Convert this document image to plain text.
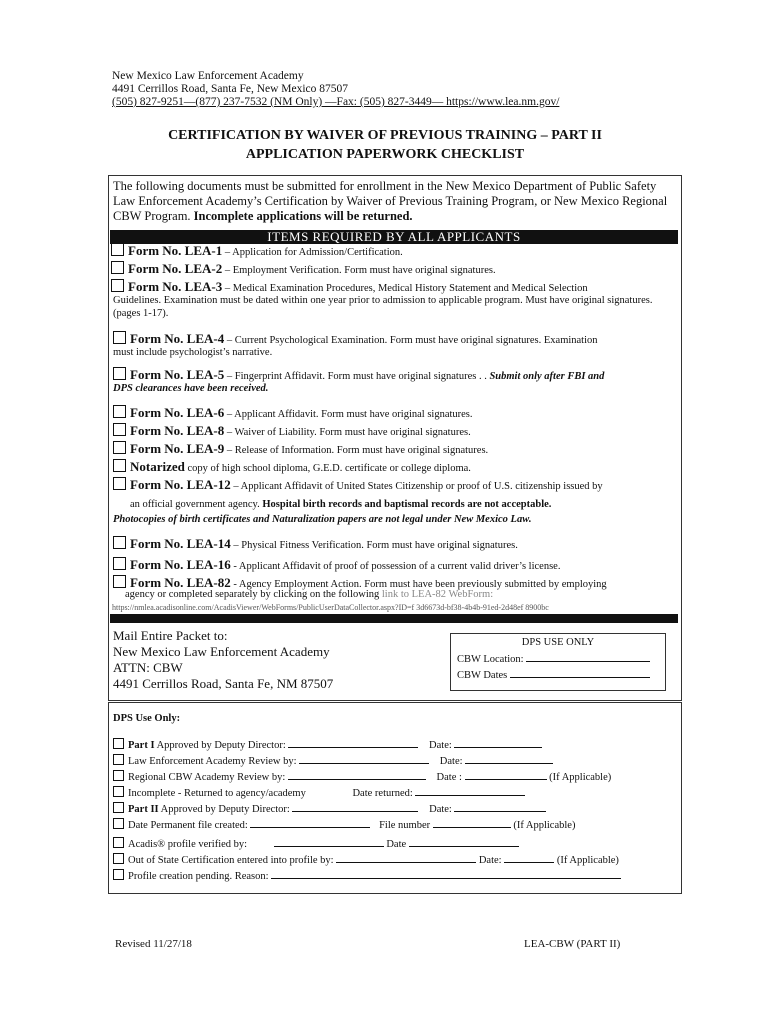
New Mexico Law Enforcement Academy
4491 Cerrillos Road, Santa Fe, New Mexico 87507
(505) 827-9251—(877) 237-7532 (NM Only) —Fax: (505) 827-3449— https://www.lea.nm.gov/
CERTIFICATION BY WAIVER OF PREVIOUS TRAINING – PART II
APPLICATION PAPERWORK CHECKLIST
The following documents must be submitted for enrollment in the New Mexico Department of Public Safety Law Enforcement Academy’s Certification by Waiver of Previous Training Program, or New Mexico Regional CBW Program. Incomplete applications will be returned.
ITEMS REQUIRED BY ALL APPLICANTS
Form No. LEA-1 – Application for Admission/Certification.
Form No. LEA-2 – Employment Verification. Form must have original signatures.
Form No. LEA-3 – Medical Examination Procedures, Medical History Statement and Medical Selection
Guidelines. Examination must be dated within one year prior to admission to applicable program. Must have original signatures. (pages 1-17).
Form No. LEA-4 – Current Psychological Examination. Form must have original signatures. Examination
must include psychologist’s narrative.
Form No. LEA-5 – Fingerprint Affidavit. Form must have original signatures . . Submit only after FBI and
DPS clearances have been received.
Form No. LEA-6 – Applicant Affidavit. Form must have original signatures.
Form No. LEA-8 – Waiver of Liability. Form must have original signatures.
Form No. LEA-9 – Release of Information. Form must have original signatures.
Notarized copy of high school diploma, G.E.D. certificate or college diploma.
Form No. LEA-12 – Applicant Affidavit of United States Citizenship or proof of U.S. citizenship issued by
an official government agency. Hospital birth records and baptismal records are not acceptable.
Photocopies of birth certificates and Naturalization papers are not legal under New Mexico Law.
Form No. LEA-14 – Physical Fitness Verification. Form must have original signatures.
Form No. LEA-16 - Applicant Affidavit of proof of possession of a current valid driver’s license.
Form No. LEA-82 - Agency Employment Action. Form must have been previously submitted by employing
agency or completed separately by clicking on the following link to LEA-82 WebForm:
https://nmlea.acadisonline.com/AcadisViewer/WebForms/PublicUserDataCollector.aspx?ID=f 3d6673d-bf38-4b4b-91ed-2d48ef 8900bc
Mail Entire Packet to:
New Mexico Law Enforcement Academy
ATTN: CBW
4491 Cerrillos Road, Santa Fe, NM 87507
DPS USE ONLY
CBW Location:
CBW Dates
DPS Use Only:
Part I Approved by Deputy Director:	Date:
Law Enforcement Academy Review by:	Date:
Regional CBW Academy Review by:	Date :	(If Applicable)
Incomplete - Returned to agency/academy	Date returned:
Part II Approved by Deputy Director:	Date:
Date Permanent file created:	File number	(If Applicable)
Acadis® profile verified by:	Date
Out of State Certification entered into profile by:	Date:	(If Applicable)
Profile creation pending. Reason:
Revised 11/27/18	LEA-CBW (PART II)
